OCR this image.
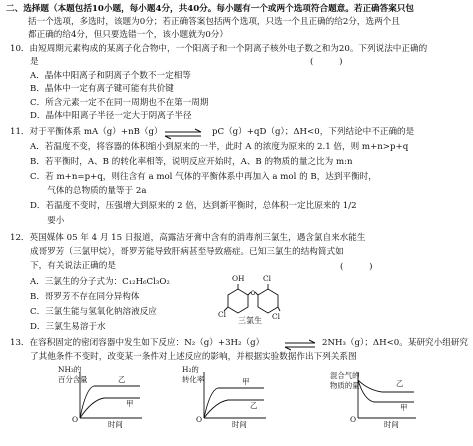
二、选择题（本题包括10小题，每小题4分，共40分。每小题有一个或两个选项符合题意。若正确答案只包
括一个选项，多选时，该题为0分；若正确答案包括两个选项，只选一个且正确的给2分，选两个且
都正确的给4分，但只要选错一个，该小题就为0分）
10．由短周期元素构成的某离子化合物中，一个阳离子和一个阴离子核外电子数之和为20。下列说法中正确的
是	(　　　)
A．晶体中阳离子和阴离子个数不一定相等
B．晶体中一定有离子键可能有共价键
C．所含元素一定不在同一周期也不在第一周期
D．晶体中阳离子半径一定大于阴离子半径
11．对于平衡体系 mA（g）+nB（g）	pC（g）+qD（g）；ΔH<0，下列结论中不正确的是
A．若温度不变，将容器的体积缩小到原来的一半，此时 A 的浓度为原来的 2.1 倍，则 m+n>p+q
B．若平衡时，A、B 的转化率相等，说明反应开始时，A、B 的物质的量之比为 m:n
C．若 m+n=p+q，则往含有 a mol 气体的平衡体系中再加入 a mol 的 B，达到平衡时，
　　气体的总物质的量等于 2a
D．若温度不变时，压强增大到原来的 2 倍，达到新平衡时，总体积一定比原来的 1/2
　　要小
12．英国媒体 05 年 4 月 15 日报道，高露洁牙膏中含有的消毒剂三氯生，遇含氯自来水能生
成哥罗芳（三氯甲烷），哥罗芳能导致肝病甚至导致癌症。已知三氯生的结构简式如
下，有关说法正确的是	(　　　)
A．三氯生的分子式为：C₁₂H₆Cl₃O₂
B．哥罗芳不存在同分异构体
C．三氯生能与氢氧化钠溶液反应
D．三氯生易溶于水
O
OH Cl
Cl	Cl
三氯生
13．在容积固定的密闭容器中发生如下反应：N₂（g）+3H₂（g）	2NH₃（g）；ΔH<0。某研究小组研究
了其他条件不变时，改变某一条件对上述反应的影响，并根据实验数据作出下列关系图
NH₃的
百分含量	乙
甲
O
时间
H₂的
转化率	甲
乙
O
时间
混合气的
物质的量	乙
甲
O
时间
